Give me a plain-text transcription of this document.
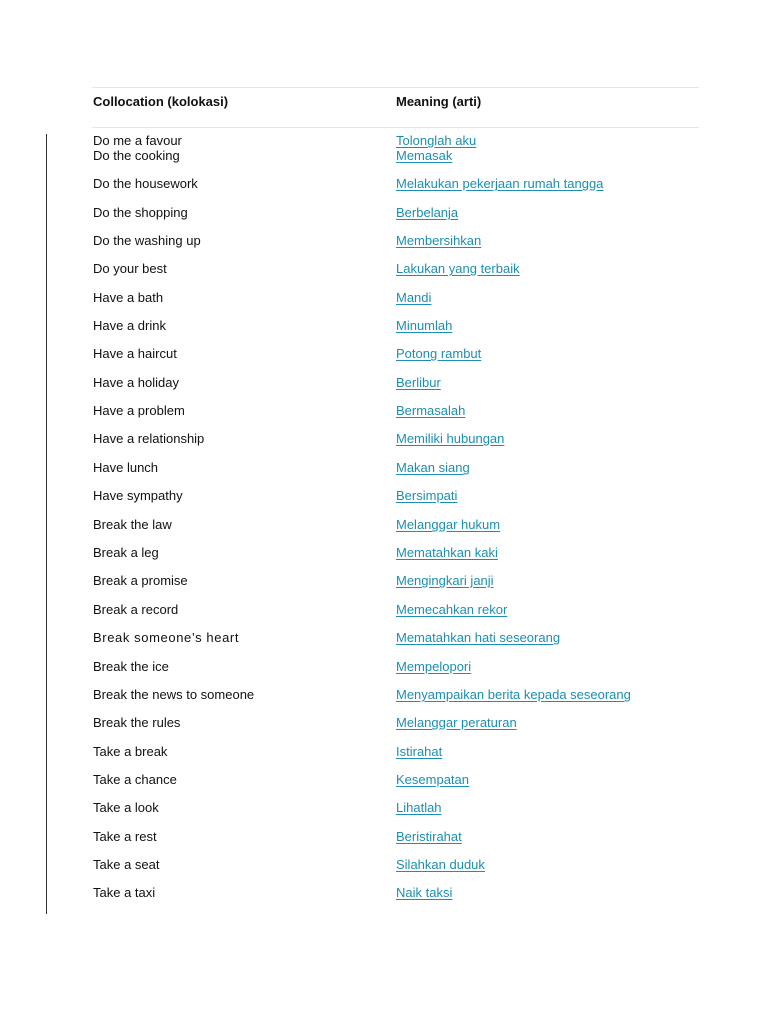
Collocation (kolokasi)	Meaning (arti)
Do me a favour	Tolonglah aku
Do the cooking	Memasak
Do the housework	Melakukan pekerjaan rumah tangga
Do the shopping	Berbelanja
Do the washing up	Membersihkan
Do your best	Lakukan yang terbaik
Have a bath	Mandi
Have a drink	Minumlah
Have a haircut	Potong rambut
Have a holiday	Berlibur
Have a problem	Bermasalah
Have a relationship	Memiliki hubungan
Have lunch	Makan siang
Have sympathy	Bersimpati
Break the law	Melanggar hukum
Break a leg	Mematahkan kaki
Break a promise	Mengingkari janji
Break a record	Memecahkan rekor
Break someone’s heart	Mematahkan hati seseorang
Break the ice	Mempelopori
Break the news to someone	Menyampaikan berita kepada seseorang
Break the rules	Melanggar peraturan
Take a break	Istirahat
Take a chance	Kesempatan
Take a look	Lihatlah
Take a rest	Beristirahat
Take a seat	Silahkan duduk
Take a taxi	Naik taksi
